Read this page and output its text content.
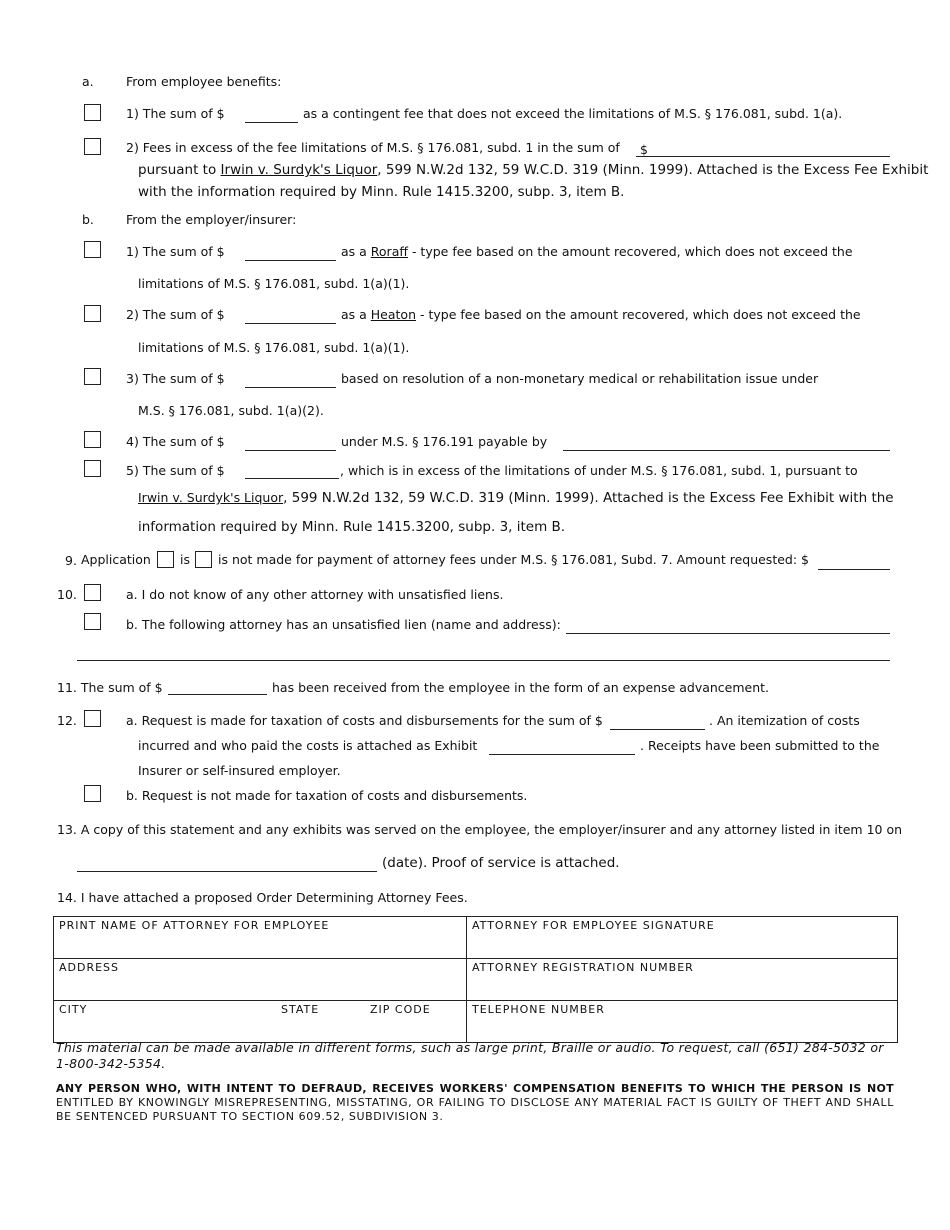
a.	From employee benefits:
1) The sum of $	as a contingent fee that does not exceed the limitations of M.S. § 176.081, subd. 1(a).
2) Fees in excess of the fee limitations of M.S. § 176.081, subd. 1 in the sum of $
pursuant to Irwin v. Surdyk's Liquor, 599 N.W.2d 132, 59 W.C.D. 319 (Minn. 1999). Attached is the Excess Fee Exhibit
with the information required by Minn. Rule 1415.3200, subp. 3, item B.
b.	From the employer/insurer:
1) The sum of $	as a Roraff - type fee based on the amount recovered, which does not exceed the
limitations of M.S. § 176.081, subd. 1(a)(1).
2) The sum of $	as a Heaton - type fee based on the amount recovered, which does not exceed the
limitations of M.S. § 176.081, subd. 1(a)(1).
3) The sum of $	based on resolution of a non-monetary medical or rehabilitation issue under
M.S. § 176.081, subd. 1(a)(2).
4) The sum of $	under M.S. § 176.191 payable by
5) The sum of $	, which is in excess of the limitations of under M.S. § 176.081, subd. 1, pursuant to
Irwin v. Surdyk's Liquor, 599 N.W.2d 132, 59 W.C.D. 319 (Minn. 1999). Attached is the Excess Fee Exhibit with the
information required by Minn. Rule 1415.3200, subp. 3, item B.
9. Application is is not made for payment of attorney fees under M.S. § 176.081, Subd. 7. Amount requested: $
10.	a. I do not know of any other attorney with unsatisfied liens.
b. The following attorney has an unsatisfied lien (name and address):
11. The sum of $	has been received from the employee in the form of an expense advancement.
12.	a. Request is made for taxation of costs and disbursements for the sum of $	. An itemization of costs
incurred and who paid the costs is attached as Exhibit	. Receipts have been submitted to the
Insurer or self-insured employer.
b. Request is not made for taxation of costs and disbursements.
13. A copy of this statement and any exhibits was served on the employee, the employer/insurer and any attorney listed in item 10 on
(date). Proof of service is attached.
14. I have attached a proposed Order Determining Attorney Fees.
PRINT NAME OF ATTORNEY FOR EMPLOYEE	ATTORNEY FOR EMPLOYEE SIGNATURE
ADDRESS	ATTORNEY REGISTRATION NUMBER
CITY STATE ZIP CODE	TELEPHONE NUMBER
This material can be made available in different forms, such as large print, Braille or audio. To request, call (651) 284-5032 or 1-800-342-5354.
ANY PERSON WHO, WITH INTENT TO DEFRAUD, RECEIVES WORKERS' COMPENSATION BENEFITS TO WHICH THE PERSON IS NOT ENTITLED BY KNOWINGLY MISREPRESENTING, MISSTATING, OR FAILING TO DISCLOSE ANY MATERIAL FACT IS GUILTY OF THEFT AND SHALL BE SENTENCED PURSUANT TO SECTION 609.52, SUBDIVISION 3.
